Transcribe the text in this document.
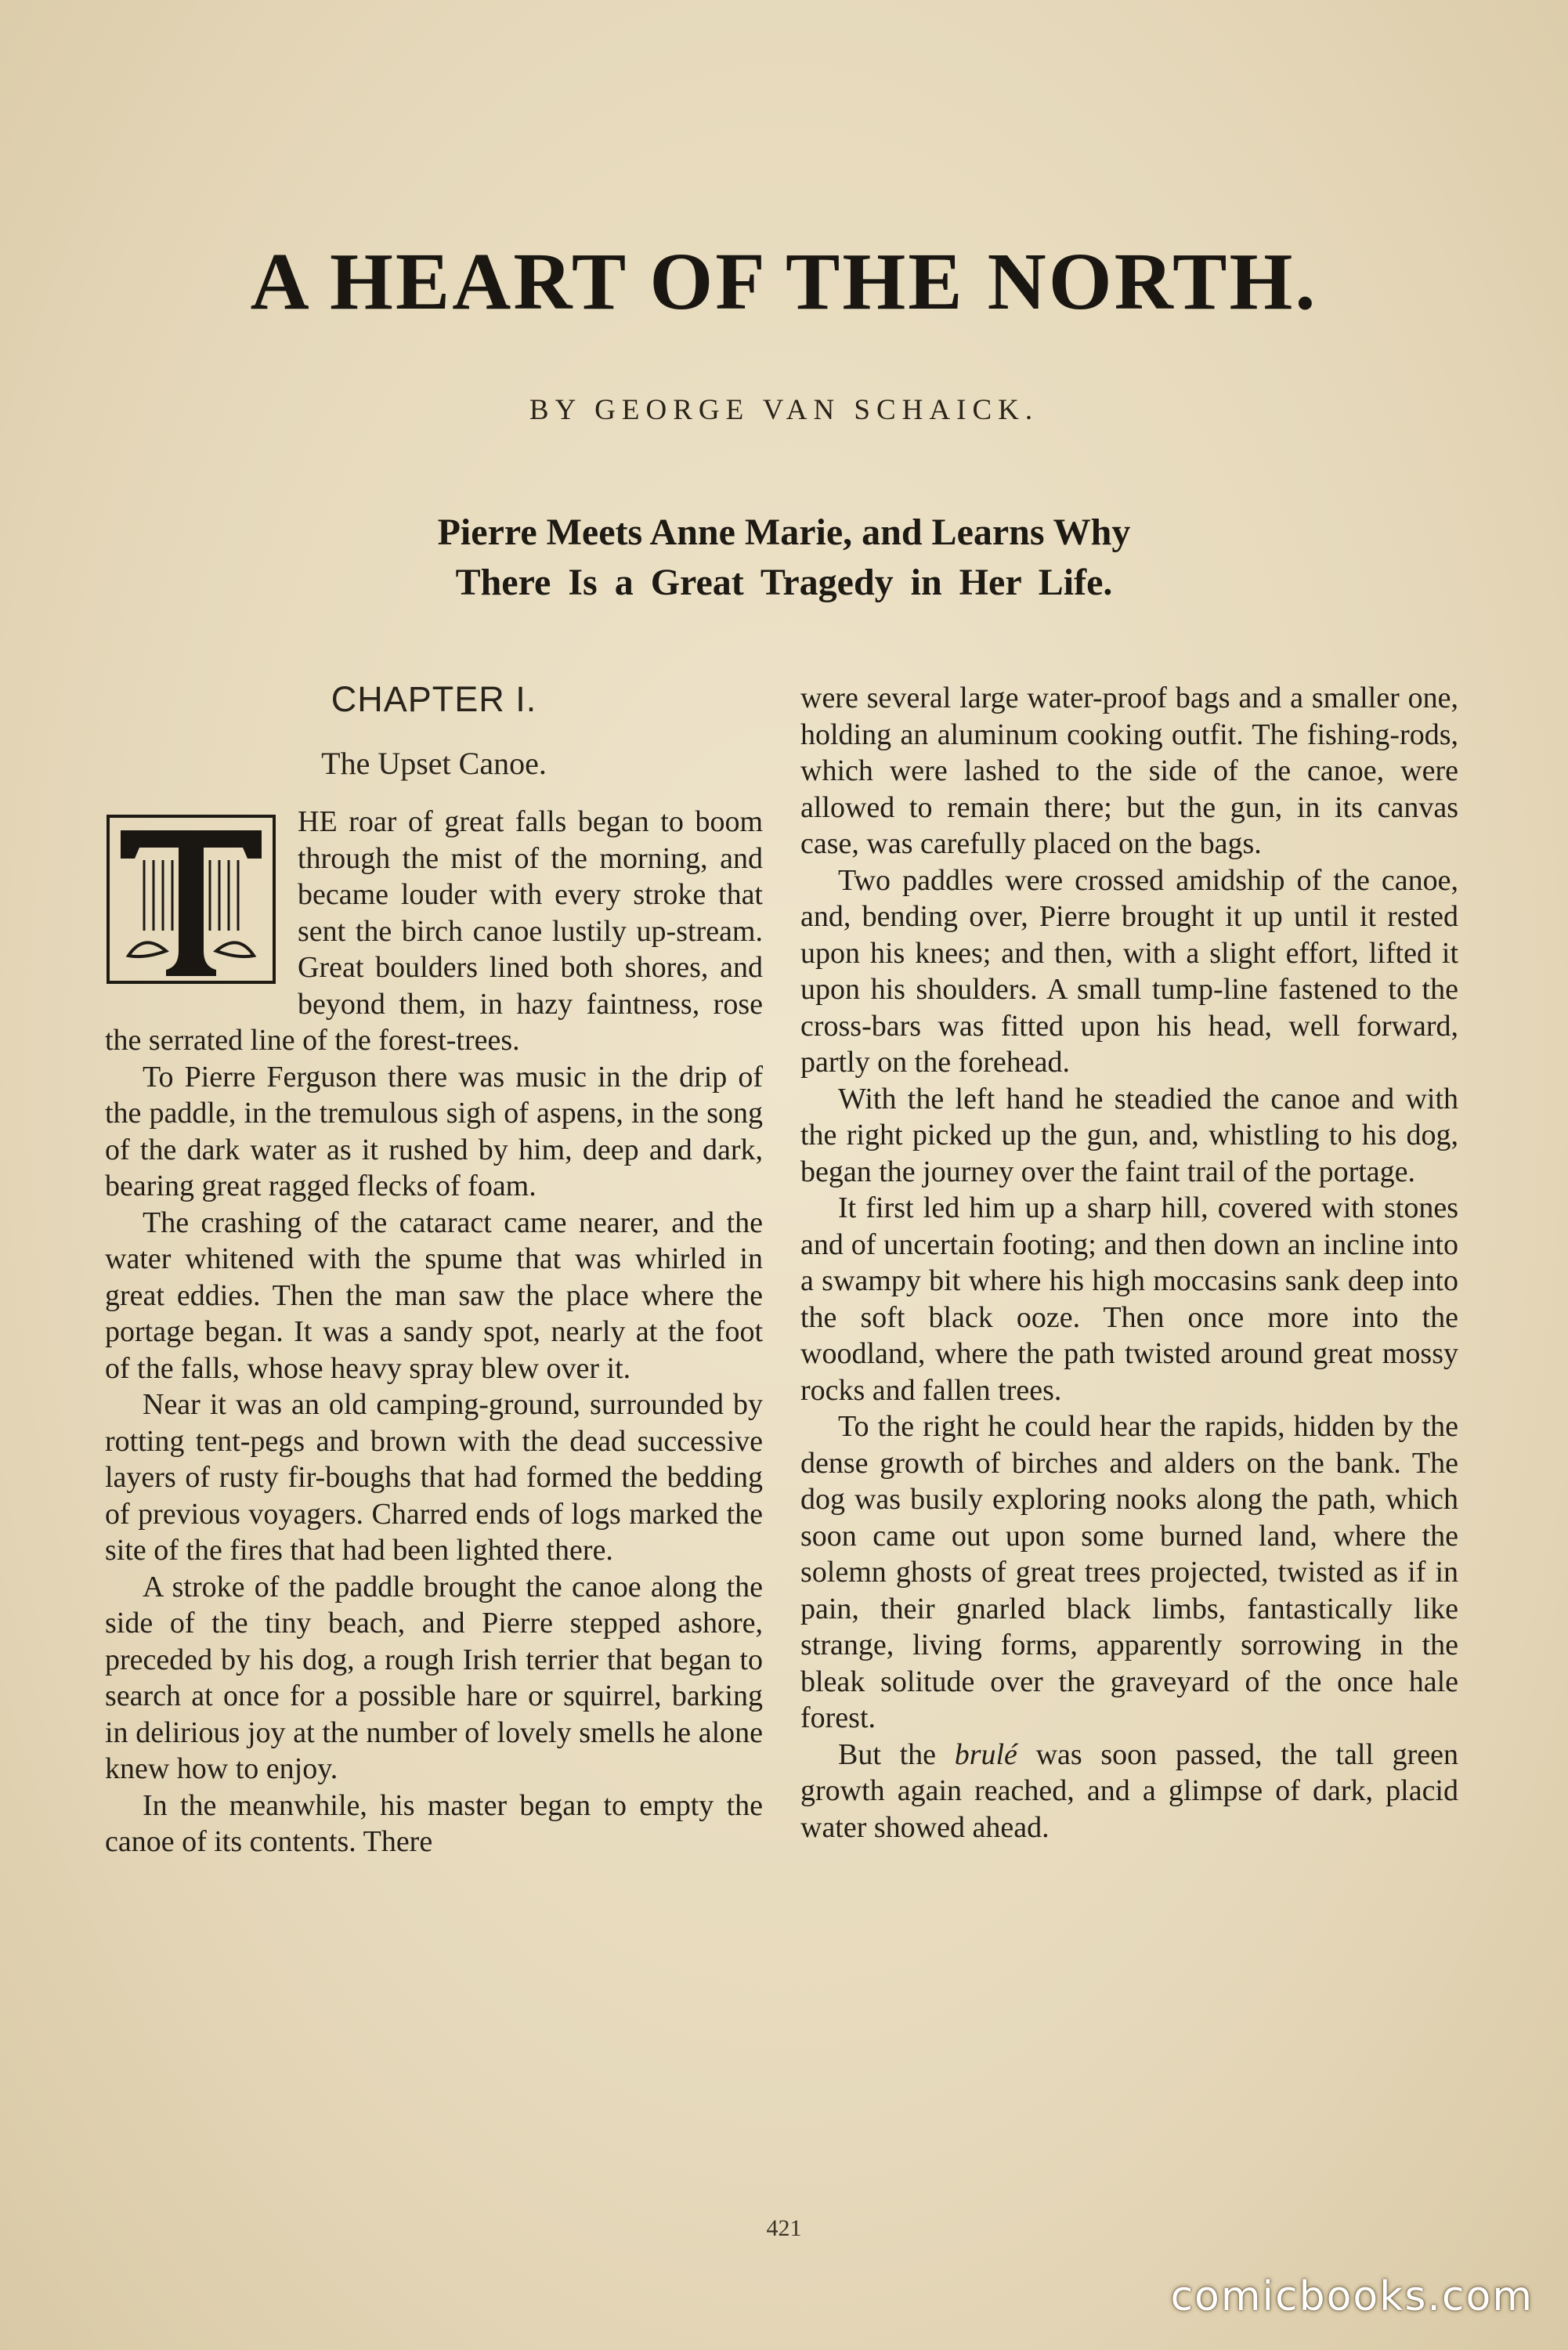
A HEART OF THE NORTH.
BY GEORGE VAN SCHAICK.
Pierre Meets Anne Marie, and Learns Why
There Is a Great Tragedy in Her Life.
CHAPTER I.
The Upset Canoe.

HE roar of great falls began to boom through the mist of the morning, and became louder with every stroke that sent the birch canoe lustily up-stream. Great boulders lined both shores, and beyond them, in hazy faintness, rose the serrated line of the forest-trees.

To Pierre Ferguson there was music in the drip of the paddle, in the tremulous sigh of aspens, in the song of the dark water as it rushed by him, deep and dark, bearing great ragged flecks of foam.

The crashing of the cataract came nearer, and the water whitened with the spume that was whirled in great eddies. Then the man saw the place where the portage began. It was a sandy spot, nearly at the foot of the falls, whose heavy spray blew over it.

Near it was an old camping-ground, surrounded by rotting tent-pegs and brown with the dead successive layers of rusty fir-boughs that had formed the bedding of previous voyagers. Charred ends of logs marked the site of the fires that had been lighted there.

A stroke of the paddle brought the canoe along the side of the tiny beach, and Pierre stepped ashore, preceded by his dog, a rough Irish terrier that began to search at once for a possible hare or squirrel, barking in delirious joy at the number of lovely smells he alone knew how to enjoy.

In the meanwhile, his master began to empty the canoe of its contents. There

were several large water-proof bags and a smaller one, holding an aluminum cooking outfit. The fishing-rods, which were lashed to the side of the canoe, were allowed to remain there; but the gun, in its canvas case, was carefully placed on the bags.

Two paddles were crossed amidship of the canoe, and, bending over, Pierre brought it up until it rested upon his knees; and then, with a slight effort, lifted it upon his shoulders. A small tump-line fastened to the cross-bars was fitted upon his head, well forward, partly on the forehead.

With the left hand he steadied the canoe and with the right picked up the gun, and, whistling to his dog, began the journey over the faint trail of the portage.

It first led him up a sharp hill, covered with stones and of uncertain footing; and then down an incline into a swampy bit where his high moccasins sank deep into the soft black ooze. Then once more into the woodland, where the path twisted around great mossy rocks and fallen trees.

To the right he could hear the rapids, hidden by the dense growth of birches and alders on the bank. The dog was busily exploring nooks along the path, which soon came out upon some burned land, where the solemn ghosts of great trees projected, twisted as if in pain, their gnarled black limbs, fantastically like strange, living forms, apparently sorrowing in the bleak solitude over the graveyard of the once hale forest.

But the brulé was soon passed, the tall green growth again reached, and a glimpse of dark, placid water showed ahead.

421
comicbooks.com
